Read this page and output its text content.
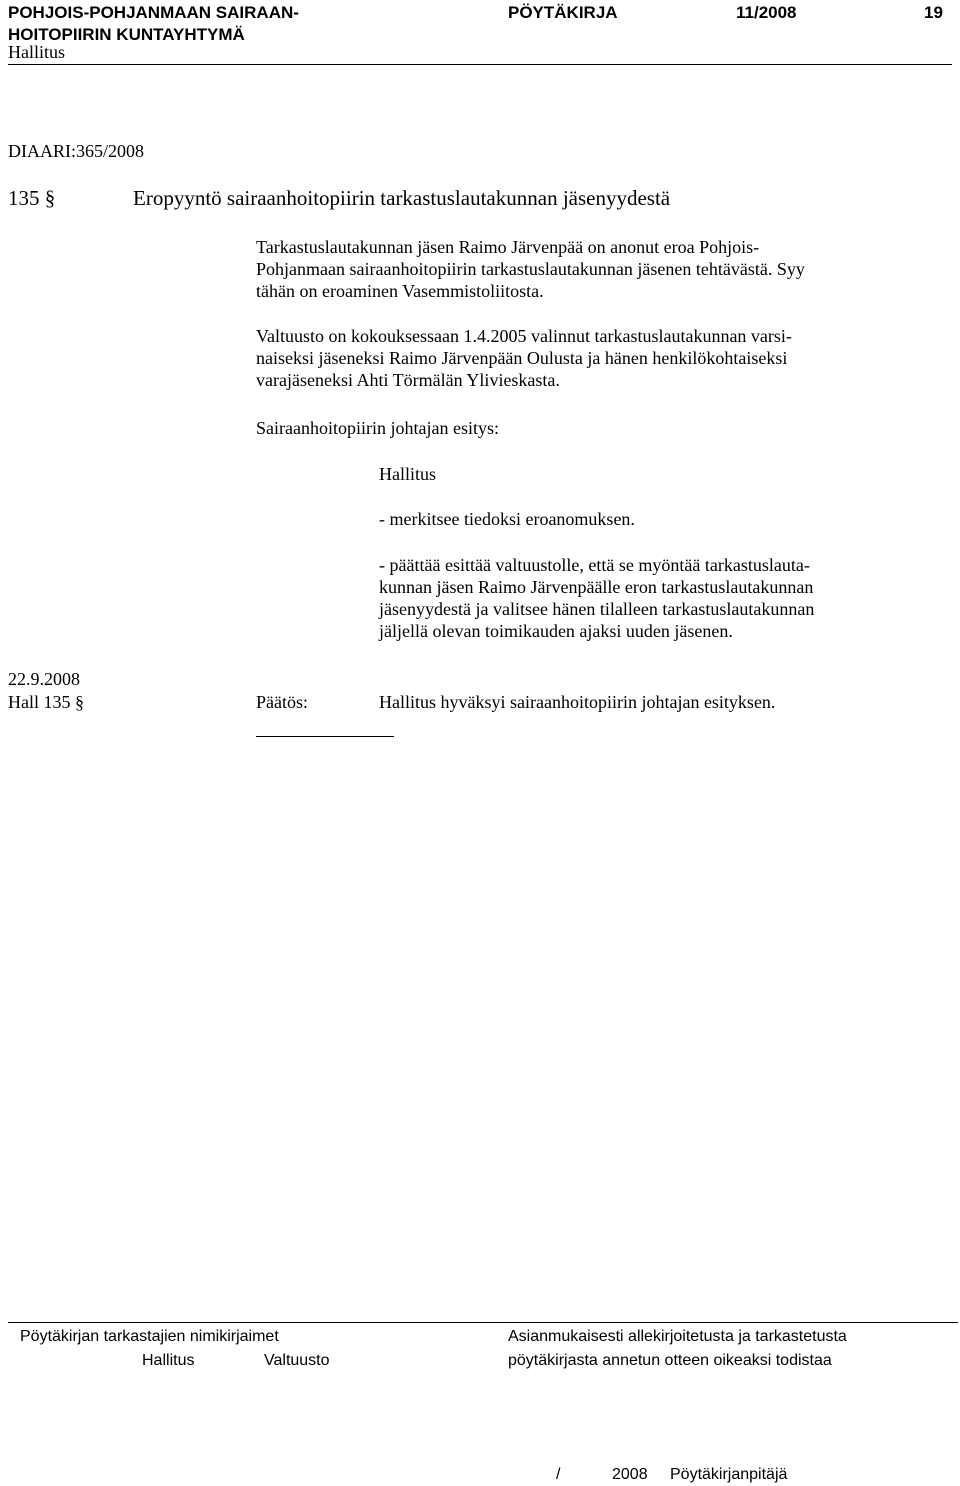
POHJOIS-POHJANMAAN SAIRAAN-
HOITOPIIRIN KUNTAYHTYMÄ
PÖYTÄKIRJA	11/2008	19
Hallitus
DIAARI:365/2008
135 §	Eropyyntö sairaanhoitopiirin tarkastuslautakunnan jäsenyydestä
Tarkastuslautakunnan jäsen Raimo Järvenpää on anonut eroa Pohjois-
Pohjanmaan sairaanhoitopiirin tarkastuslautakunnan jäsenen tehtävästä. Syy
tähän on eroaminen Vasemmistoliitosta.
Valtuusto on kokouksessaan 1.4.2005 valinnut tarkastuslautakunnan varsi-
naiseksi jäseneksi Raimo Järvenpään Oulusta ja hänen henkilökohtaiseksi
varajäseneksi Ahti Törmälän Ylivieskasta.
Sairaanhoitopiirin johtajan esitys:
Hallitus
- merkitsee tiedoksi eroanomuksen.
- päättää esittää valtuustolle, että se myöntää tarkastuslauta-
kunnan jäsen Raimo Järvenpäälle eron tarkastuslautakunnan
jäsenyydestä ja valitsee hänen tilalleen tarkastuslautakunnan
jäljellä olevan toimikauden ajaksi uuden jäsenen.
22.9.2008
Hall 135 §	Päätös:	Hallitus hyväksyi sairaanhoitopiirin johtajan esityksen.
Pöytäkirjan tarkastajien nimikirjaimet
Hallitus	Valtuusto
Asianmukaisesti allekirjoitetusta ja tarkastetusta
pöytäkirjasta annetun otteen oikeaksi todistaa
/	2008 Pöytäkirjanpitäjä
